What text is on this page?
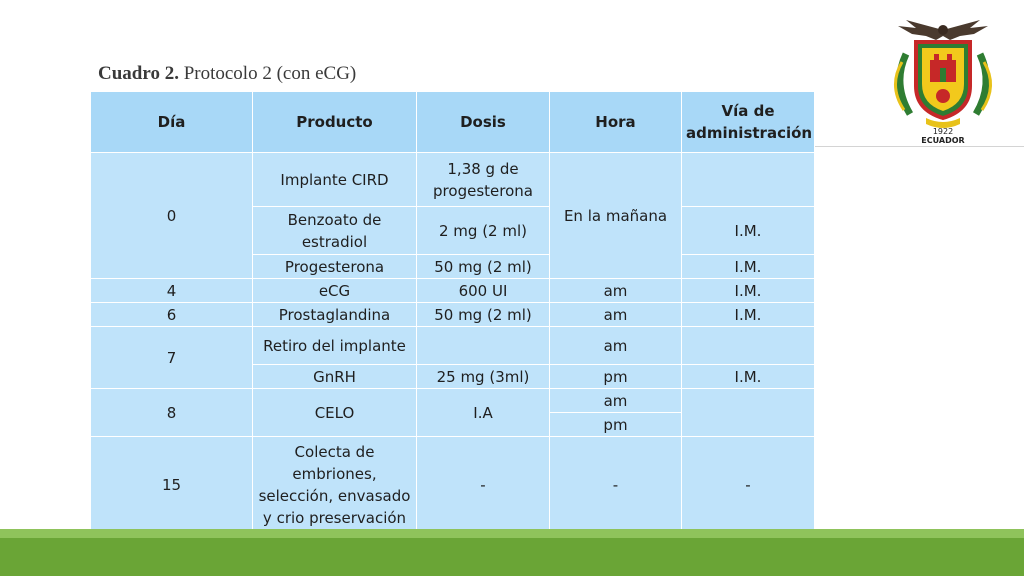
Cuadro 2. Protocolo 2 (con eCG)
1922
ECUADOR
Día	Producto	Dosis	Hora	Vía de administración
0	Implante CIRD	1,38 g de progesterona	En la mañana	
	Benzoato de estradiol	2 mg (2 ml)		I.M.
	Progesterona	50 mg (2 ml)		I.M.
4	eCG	600 UI	am	I.M.
6	Prostaglandina	50 mg (2 ml)	am	I.M.
7	Retiro del implante		am	
	GnRH	25 mg (3ml)	pm	I.M.
8	CELO	I.A	am	
			pm	
15	Colecta de embriones, selección, envasado y crio preservación	-	-	-
